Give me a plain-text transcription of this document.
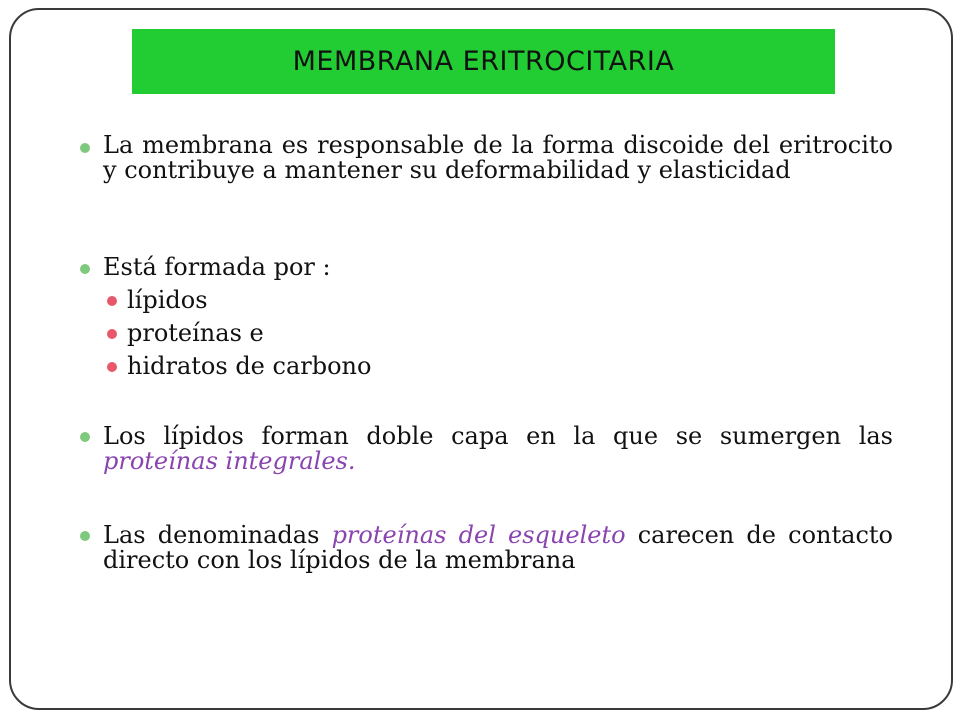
MEMBRANA ERITROCITARIA
La membrana es responsable de la forma discoide del eritrocito y contribuye a mantener su deformabilidad y elasticidad
Está formada por :
lípidos
proteínas e
hidratos de carbono
Los lípidos forman doble capa en la que se sumergen las proteínas integrales.
Las denominadas proteínas del esqueleto carecen de contacto directo con los lípidos de la membrana
